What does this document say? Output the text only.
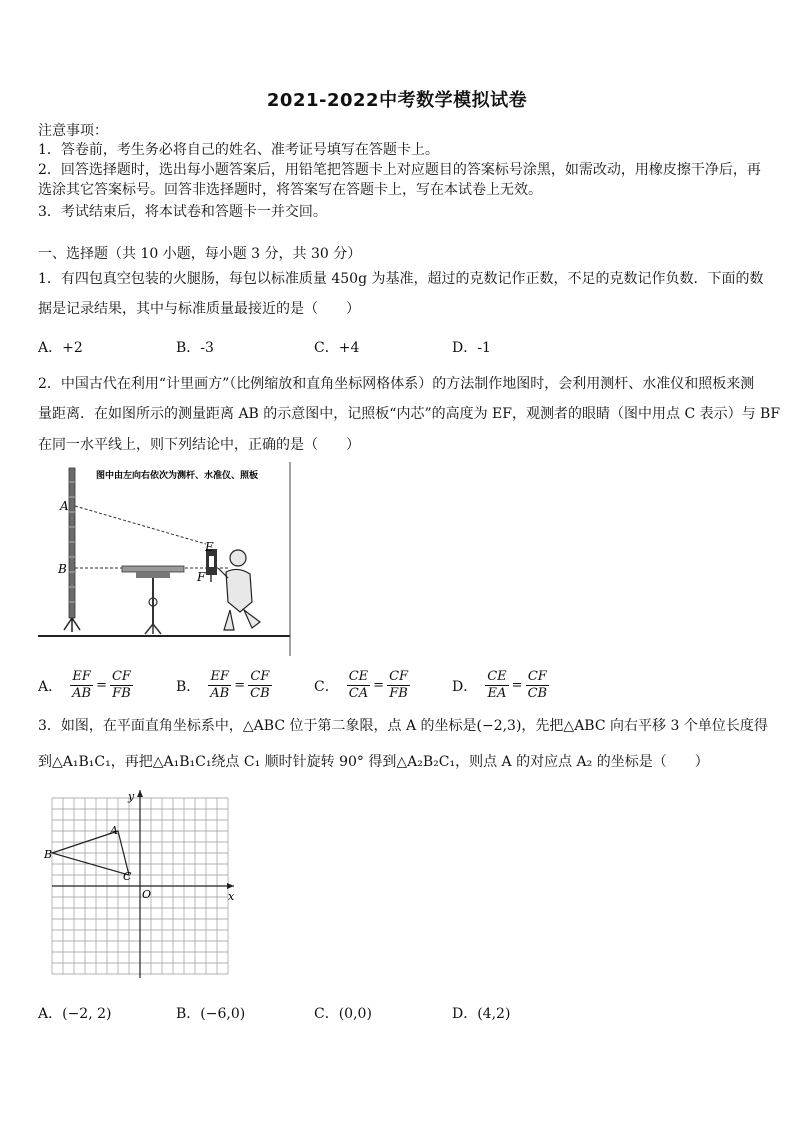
2021-2022中考数学模拟试卷
注意事项：
1．答卷前，考生务必将自己的姓名、准考证号填写在答题卡上。
2．回答选择题时，选出每小题答案后，用铅笔把答题卡上对应题目的答案标号涂黑，如需改动，用橡皮擦干净后，再
选涂其它答案标号。回答非选择题时，将答案写在答题卡上，写在本试卷上无效。
3．考试结束后，将本试卷和答题卡一并交回。
一、选择题（共 10 小题，每小题 3 分，共 30 分）
1．有四包真空包装的火腿肠，每包以标准质量 450g 为基准，超过的克数记作正数，不足的克数记作负数．下面的数
据是记录结果，其中与标准质量最接近的是（　　）
A．+2	B．-3	C．+4	D．-1
2．中国古代在利用“计里画方”（比例缩放和直角坐标网格体系）的方法制作地图时，会利用测杆、水准仪和照板来测
量距离．在如图所示的测量距离 AB 的示意图中，记照板“内芯”的高度为 EF，观测者的眼睛（图中用点 C 表示）与 BF
在同一水平线上，则下列结论中，正确的是（　　）
图中由左向右依次为测杆、水准仪、照板
A
B
E
F
A． $\frac{EF}{AB} = \frac{CF}{FB}$	B． $\frac{EF}{AB} = \frac{CF}{CB}$	C． $\frac{CE}{CA} = \frac{CF}{FB}$	D． $\frac{CE}{EA} = \frac{CF}{CB}$
3．如图，在平面直角坐标系中，△ABC 位于第二象限，点 A 的坐标是(−2,3)，先把△ABC 向右平移 3 个单位长度得
到△A₁B₁C₁，再把△A₁B₁C₁绕点 C₁ 顺时针旋转 90° 得到△A₂B₂C₁，则点 A 的对应点 A₂ 的坐标是（　　）
y
x
O
A
B
C
A．(−2, 2)	B．(−6,0)	C．(0,0)	D．(4,2)
